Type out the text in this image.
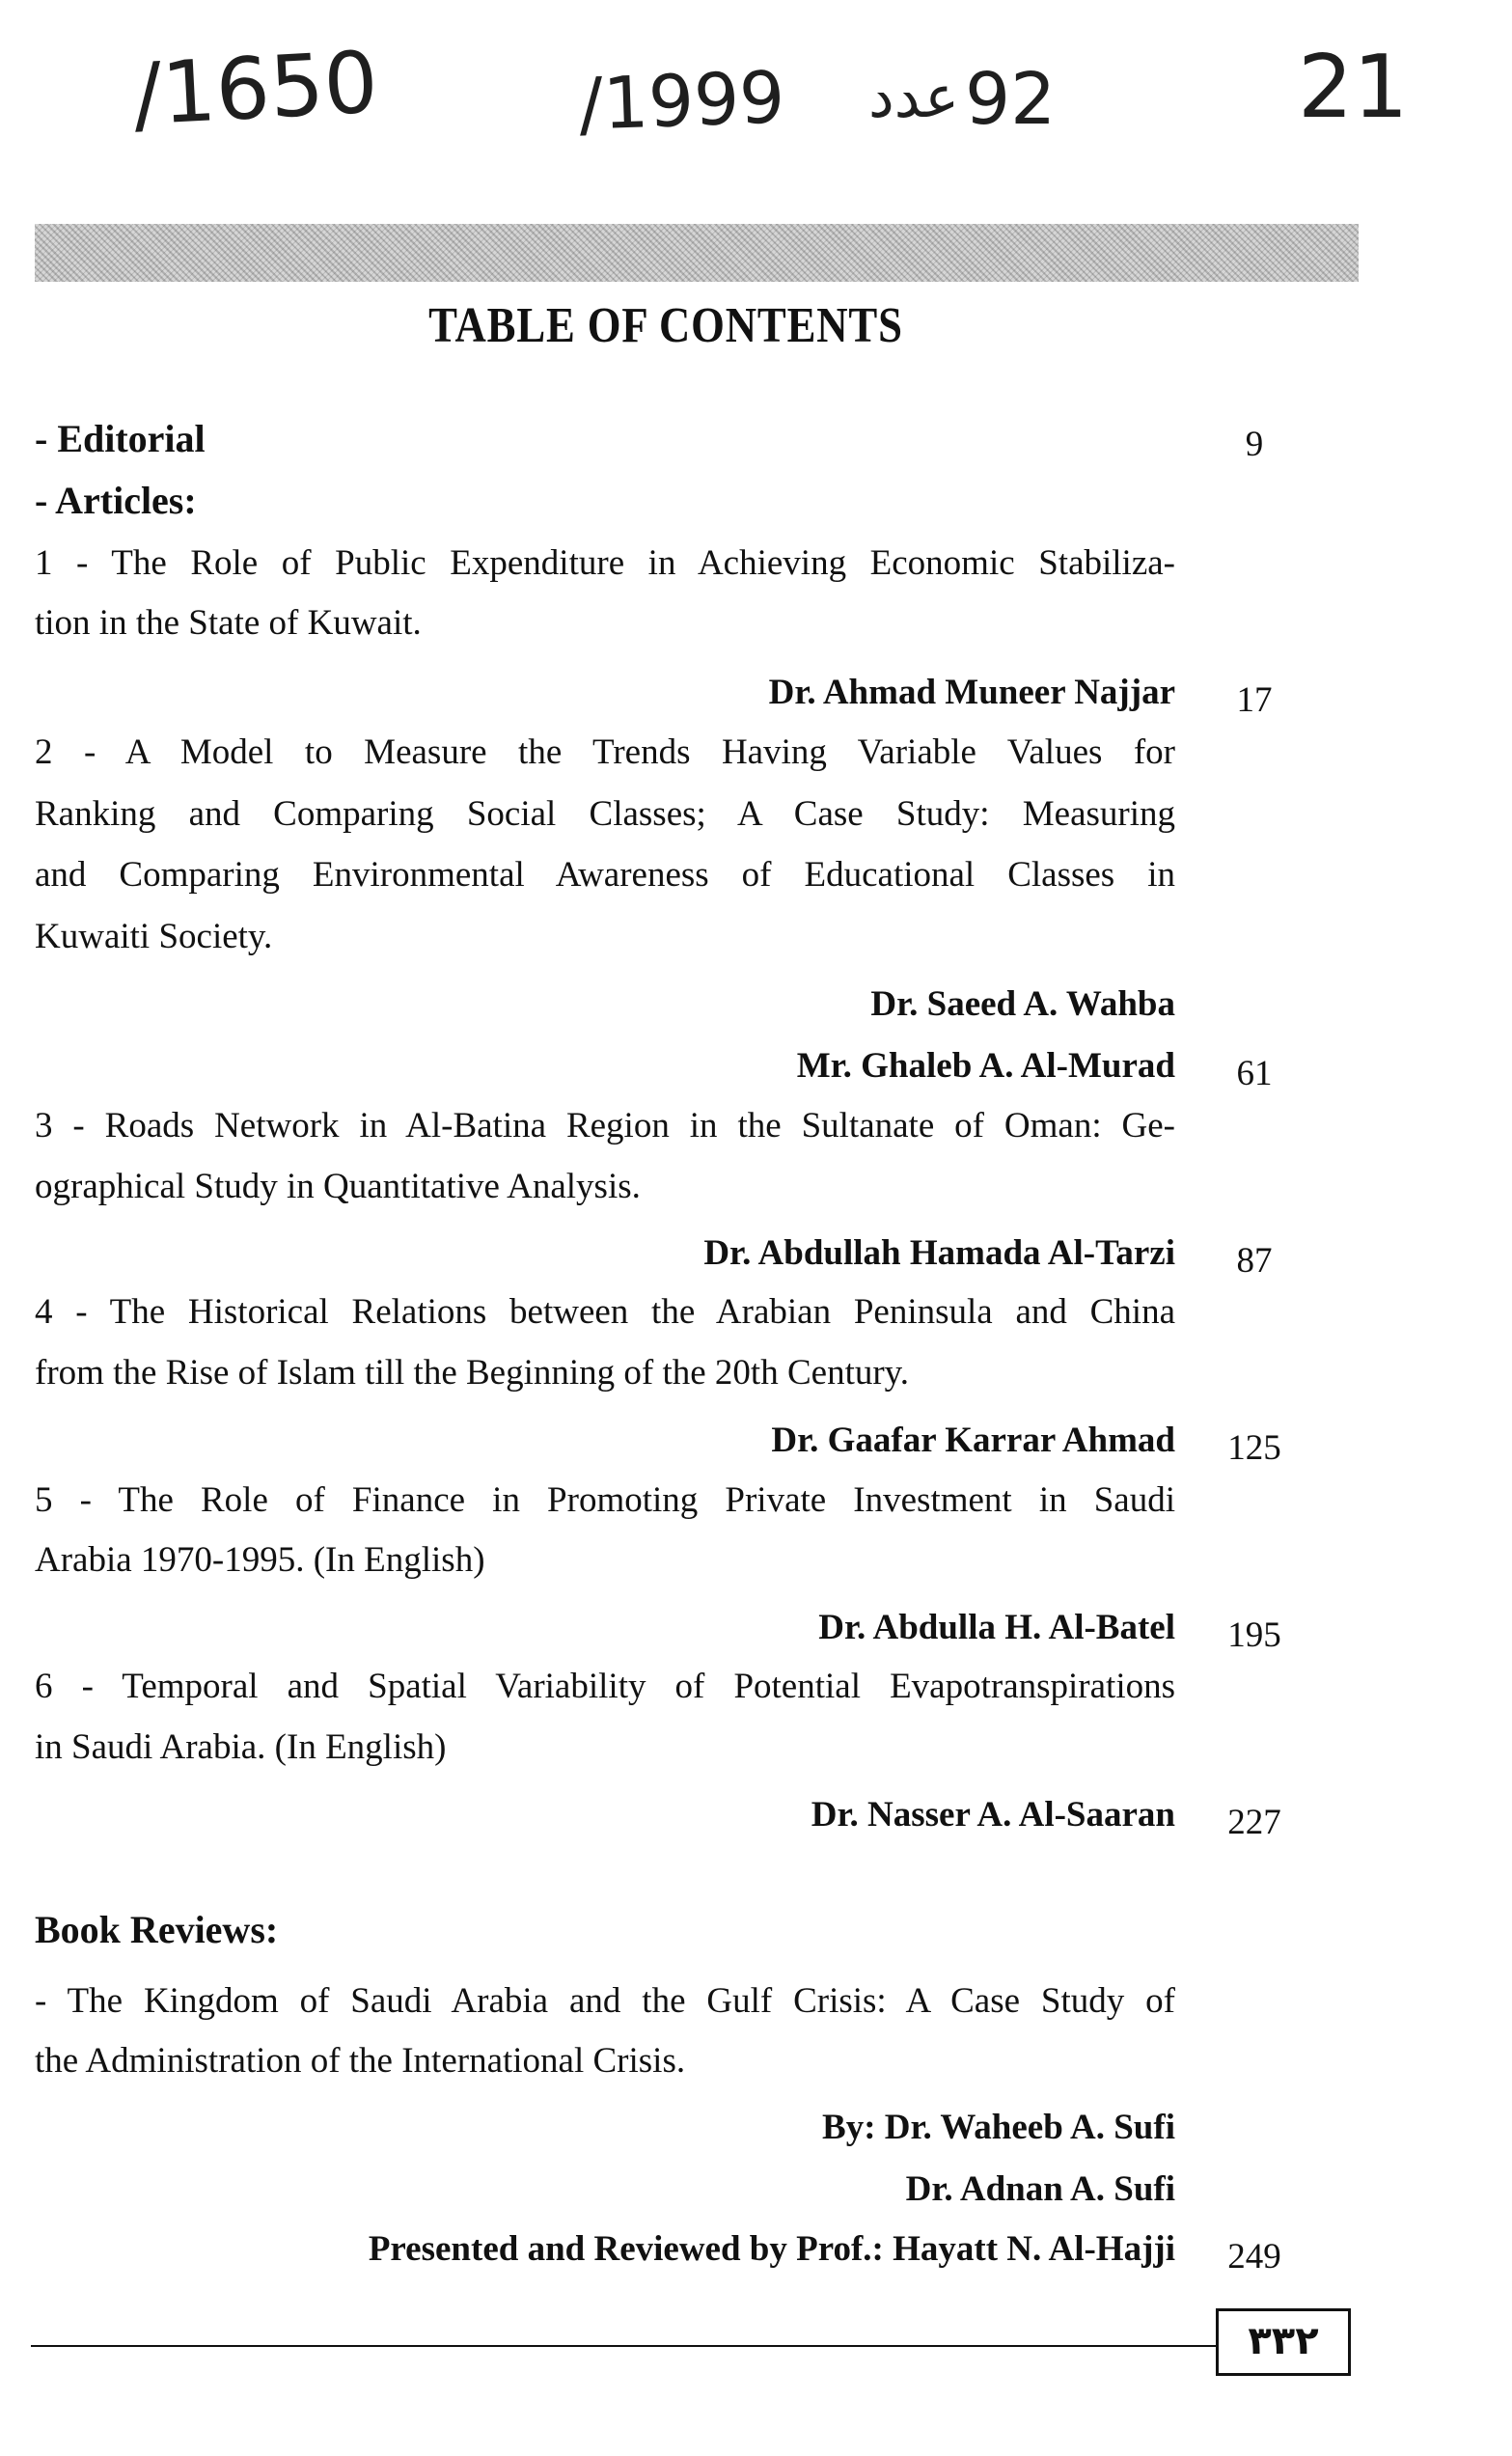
/1650	/1999 عدد 92	21
TABLE OF CONTENTS
- Editorial	9
- Articles:
1 - The Role of Public Expenditure in Achieving Economic Stabiliza-
tion in the State of Kuwait.
Dr. Ahmad Muneer Najjar	17
2 - A Model to Measure the Trends Having Variable Values for
Ranking and Comparing Social Classes; A Case Study: Measuring
and Comparing Environmental Awareness of Educational Classes in
Kuwaiti Society.
Dr. Saeed A. Wahba
Mr. Ghaleb A. Al-Murad	61
3 - Roads Network in Al-Batina Region in the Sultanate of Oman: Ge-
ographical Study in Quantitative Analysis.
Dr. Abdullah Hamada Al-Tarzi	87
4 - The Historical Relations between the Arabian Peninsula and China
from the Rise of Islam till the Beginning of the 20th Century.
Dr. Gaafar Karrar Ahmad	125
5 - The Role of Finance in Promoting Private Investment in Saudi
Arabia 1970-1995. (In English)
Dr. Abdulla H. Al-Batel	195
6 - Temporal and Spatial Variability of Potential Evapotranspirations
in Saudi Arabia. (In English)
Dr. Nasser A. Al-Saaran	227
Book Reviews:
- The Kingdom of Saudi Arabia and the Gulf Crisis: A Case Study of
the Administration of the International Crisis.
By: Dr. Waheeb A. Sufi
Dr. Adnan A. Sufi
Presented and Reviewed by Prof.: Hayatt N. Al-Hajji	249
٣٣٢
